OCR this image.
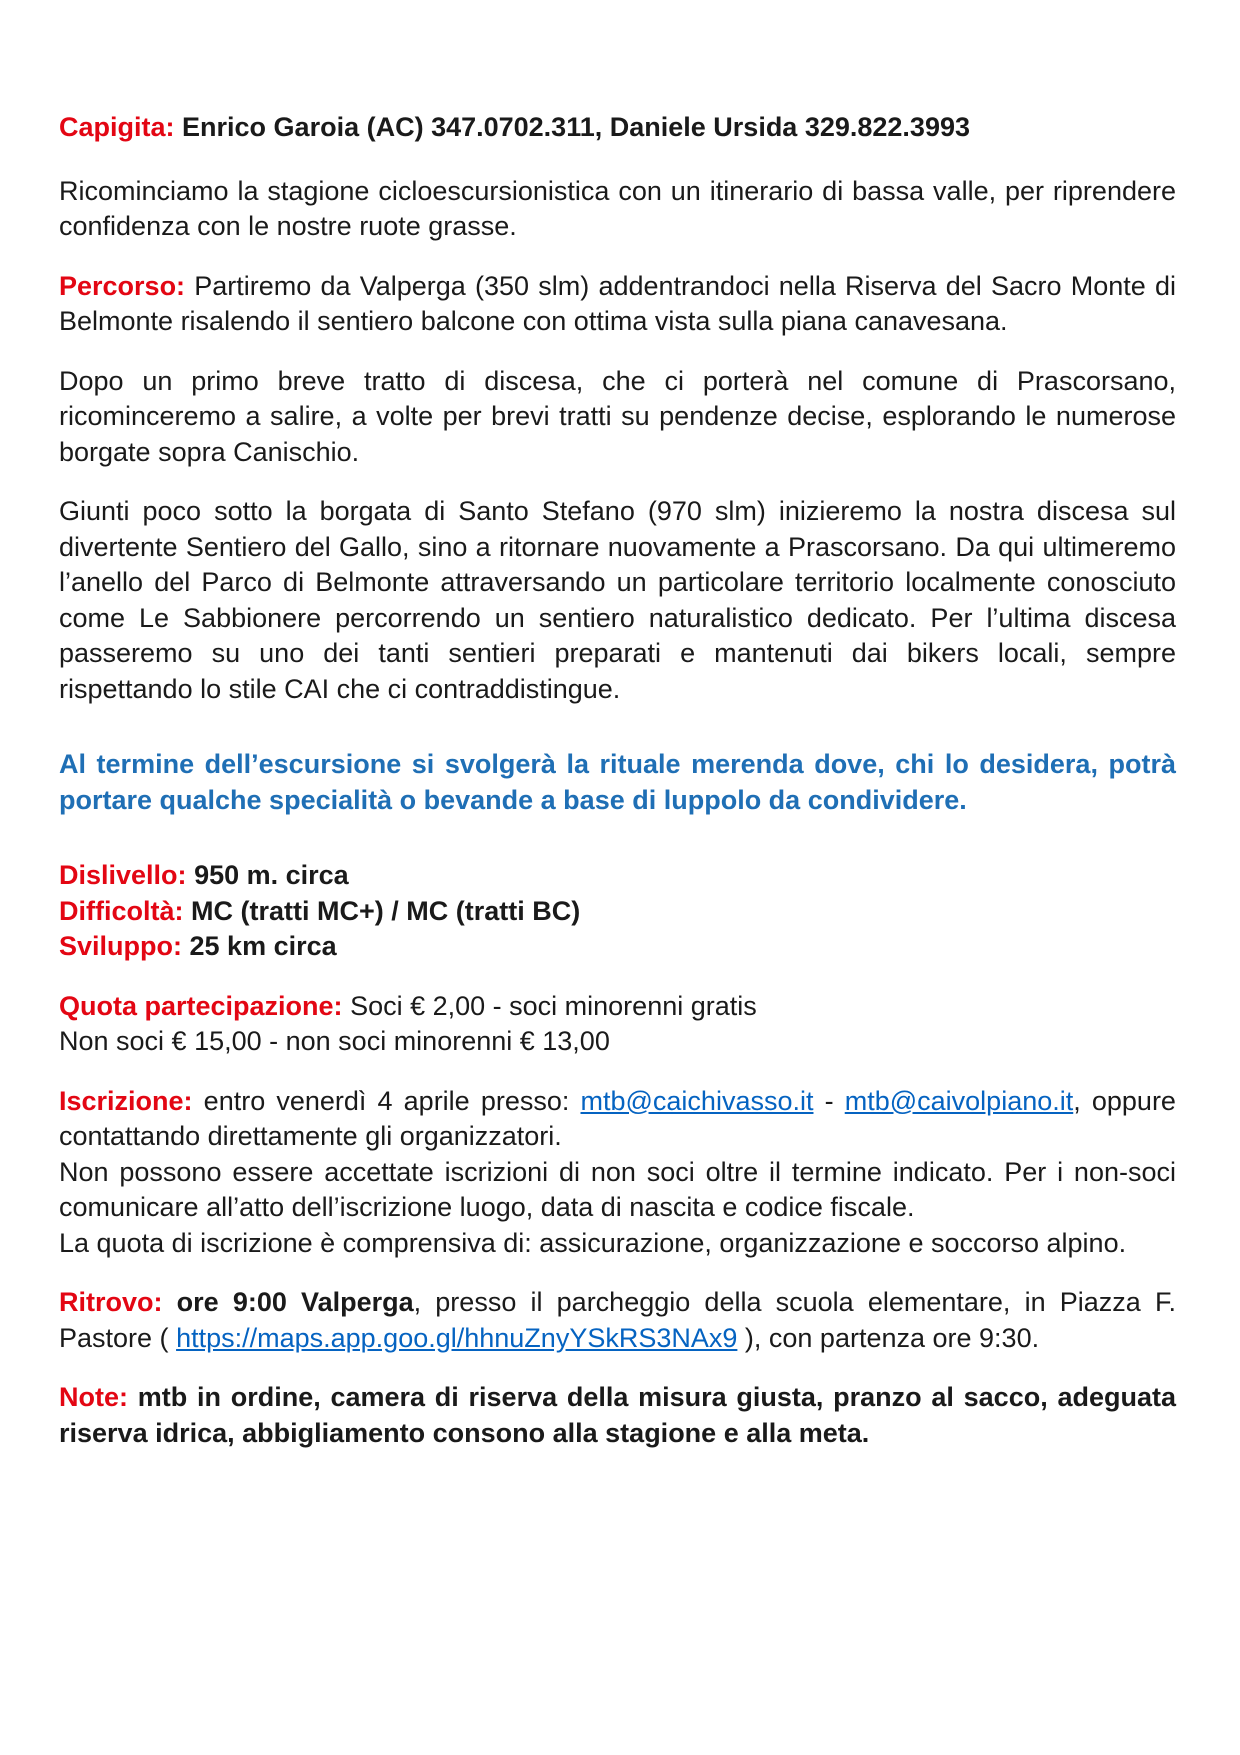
Capigita: Enrico Garoia (AC) 347.0702.311, Daniele Ursida 329.822.3993

Ricominciamo la stagione cicloescursionistica con un itinerario di bassa valle, per riprendere confidenza con le nostre ruote grasse.

Percorso: Partiremo da Valperga (350 slm) addentrandoci nella Riserva del Sacro Monte di Belmonte risalendo il sentiero balcone con ottima vista sulla piana canavesana.

Dopo un primo breve tratto di discesa, che ci porterà nel comune di Prascorsano, ricominceremo a salire, a volte per brevi tratti su pendenze decise, esplorando le numerose borgate sopra Canischio.

Giunti poco sotto la borgata di Santo Stefano (970 slm) inizieremo la nostra discesa sul divertente Sentiero del Gallo, sino a ritornare nuovamente a Prascorsano. Da qui ultimeremo l’anello del Parco di Belmonte attraversando un particolare territorio localmente conosciuto come Le Sabbionere percorrendo un sentiero naturalistico dedicato. Per l’ultima discesa passeremo su uno dei tanti sentieri preparati e mantenuti dai bikers locali, sempre rispettando lo stile CAI che ci contraddistingue.

Al termine dell’escursione si svolgerà la rituale merenda dove, chi lo desidera, potrà portare qualche specialità o bevande a base di luppolo da condividere.

Dislivello: 950 m. circa

Difficoltà: MC (tratti MC+) / MC (tratti BC)

Sviluppo: 25 km circa

Quota partecipazione: Soci € 2,00 - soci minorenni gratis

Non soci € 15,00 - non soci minorenni € 13,00

Iscrizione: entro venerdì 4 aprile presso: mtb@caichivasso.it - mtb@caivolpiano.it, oppure contattando direttamente gli organizzatori.

Non possono essere accettate iscrizioni di non soci oltre il termine indicato. Per i non-soci comunicare all’atto dell’iscrizione luogo, data di nascita e codice fiscale.

La quota di iscrizione è comprensiva di: assicurazione, organizzazione e soccorso alpino.

Ritrovo: ore 9:00 Valperga, presso il parcheggio della scuola elementare, in Piazza F. Pastore ( https://maps.app.goo.gl/hhnuZnyYSkRS3NAx9 ), con partenza ore 9:30.

Note: mtb in ordine, camera di riserva della misura giusta, pranzo al sacco, adeguata riserva idrica, abbigliamento consono alla stagione e alla meta.
